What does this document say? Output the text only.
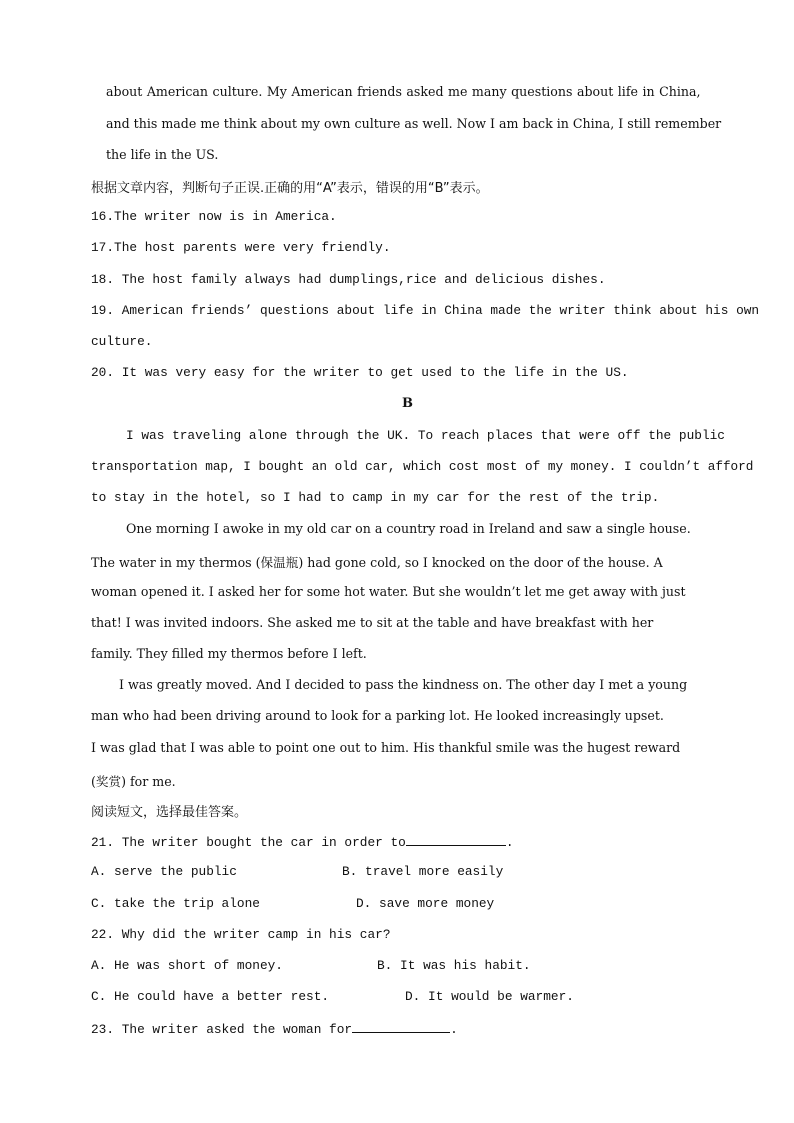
about American culture. My American friends asked me many questions about life in China,
and this made me think about my own culture as well. Now I am back in China, I still remember
the life in the US.
根据文章内容，判断句子正误.正确的用“A”表示，错误的用“B”表示。
16.The writer now is in America.
17.The host parents were very friendly.
18. The host family always had dumplings,rice and delicious dishes.
19. American friends’ questions about life in China made the writer think about his own
culture.
20. It was very easy for the writer to get used to the life in the US.
B
I was traveling alone through the UK. To reach places that were off the public
transportation map, I bought an old car, which cost most of my money. I couldn’t afford
to stay in the hotel, so I had to camp in my car for the rest of the trip.
One morning I awoke in my old car on a country road in Ireland and saw a single house.
The water in my thermos (保温瓶) had gone cold, so I knocked on the door of the house. A
woman opened it. I asked her for some hot water. But she wouldn’t let me get away with just
that! I was invited indoors. She asked me to sit at the table and have breakfast with her
family. They filled my thermos before I left.
I was greatly moved. And I decided to pass the kindness on. The other day I met a young
man who had been driving around to look for a parking lot. He looked increasingly upset.
I was glad that I was able to point one out to him. His thankful smile was the hugest reward
(奖赏) for me.
阅读短文，选择最佳答案。
21. The writer bought the car in order to	.
A. serve the public	B. travel more easily
C. take the trip alone	D. save more money
22. Why did the writer camp in his car?
A. He was short of money.	B. It was his habit.
C. He could have a better rest.	D. It would be warmer.
23. The writer asked the woman for	.
